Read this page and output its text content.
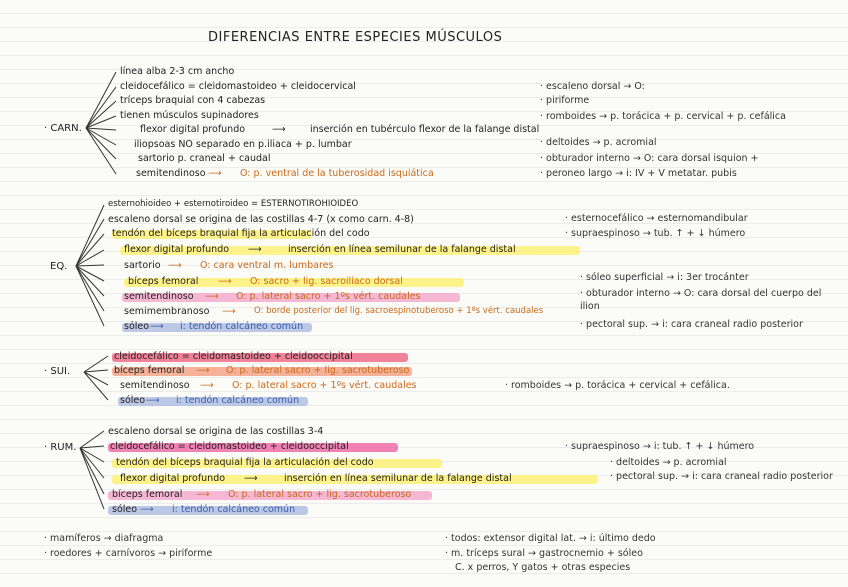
DIFERENCIAS ENTRE ESPECIES MÚSCULOS
· CARN.
línea alba 2-3 cm ancho
cleidocefálico = cleidomastoideo + cleidocervical
tríceps braquial con 4 cabezas
tienen músculos supinadores
flexor digital profundo	⟶	inserción en tubérculo flexor de la falange distal
iliopsoas NO separado en p.iliaca + p. lumbar
sartorio p. craneal + caudal
semitendinoso ⟶ O: p. ventral de la tuberosidad isquiática
· escaleno dorsal → O:
· piriforme
· romboides → p. torácica + p. cervical + p. cefálica
· deltoides → p. acromial
· obturador interno → O: cara dorsal isquion +
· peroneo largo → i: IV + V metatar. pubis
EQ.
esternohioideo + esternotiroideo = ESTERNOTIROHIOIDEO
escaleno dorsal se origina de las costillas 4-7 (x como carn. 4-8)
tendón del bíceps braquial fija la articulación del codo
flexor digital profundo ⟶	inserción en línea semilunar de la falange distal
sartorio ⟶ O: cara ventral m. lumbares
bíceps femoral ⟶ O: sacro + lig. sacroilíaco dorsal
semitendinoso ⟶ O: p. lateral sacro + 1ºs vért. caudales
semimembranoso ⟶ O: borde posterior del lig. sacroespinotuberoso + 1ºs vért. caudales
sóleo ⟶ i: tendón calcáneo común
· esternocefálico → esternomandibular
· supraespinoso → tub. ↑ + ↓ húmero
· sóleo superficial → i: 3er trocánter
· obturador interno → O: cara dorsal del cuerpo del ilion
· pectoral sup. → i: cara craneal radio posterior
· SUI.
cleidocefálico = cleidomastoideo + cleidooccipital
bíceps femoral ⟶ O: p. lateral sacro + lig. sacrotuberoso
semitendinoso ⟶ O: p. lateral sacro + 1ºs vért. caudales
sóleo ⟶ i: tendón calcáneo común
· romboides → p. torácica + cervical + cefálica.
· RUM.
escaleno dorsal se origina de las costillas 3-4
cleidocefálico = cleidomastoideo + cleidooccipital
tendón del bíceps braquial fija la articulación del codo
flexor digital profundo ⟶	inserción en línea semilunar de la falange distal
bíceps femoral ⟶ O: p. lateral sacro + lig. sacrotuberoso
sóleo ⟶ i: tendón calcáneo común
· supraespinoso → i: tub. ↑ + ↓ húmero
· deltoides → p. acromial
· pectoral sup. → i: cara craneal radio posterior
· mamíferos → diafragma
· roedores + carnívoros → piriforme
· todos: extensor digital lat. → i: último dedo
· m. tríceps sural → gastrocnemio + sóleo
C. x perros, Y gatos + otras especies
